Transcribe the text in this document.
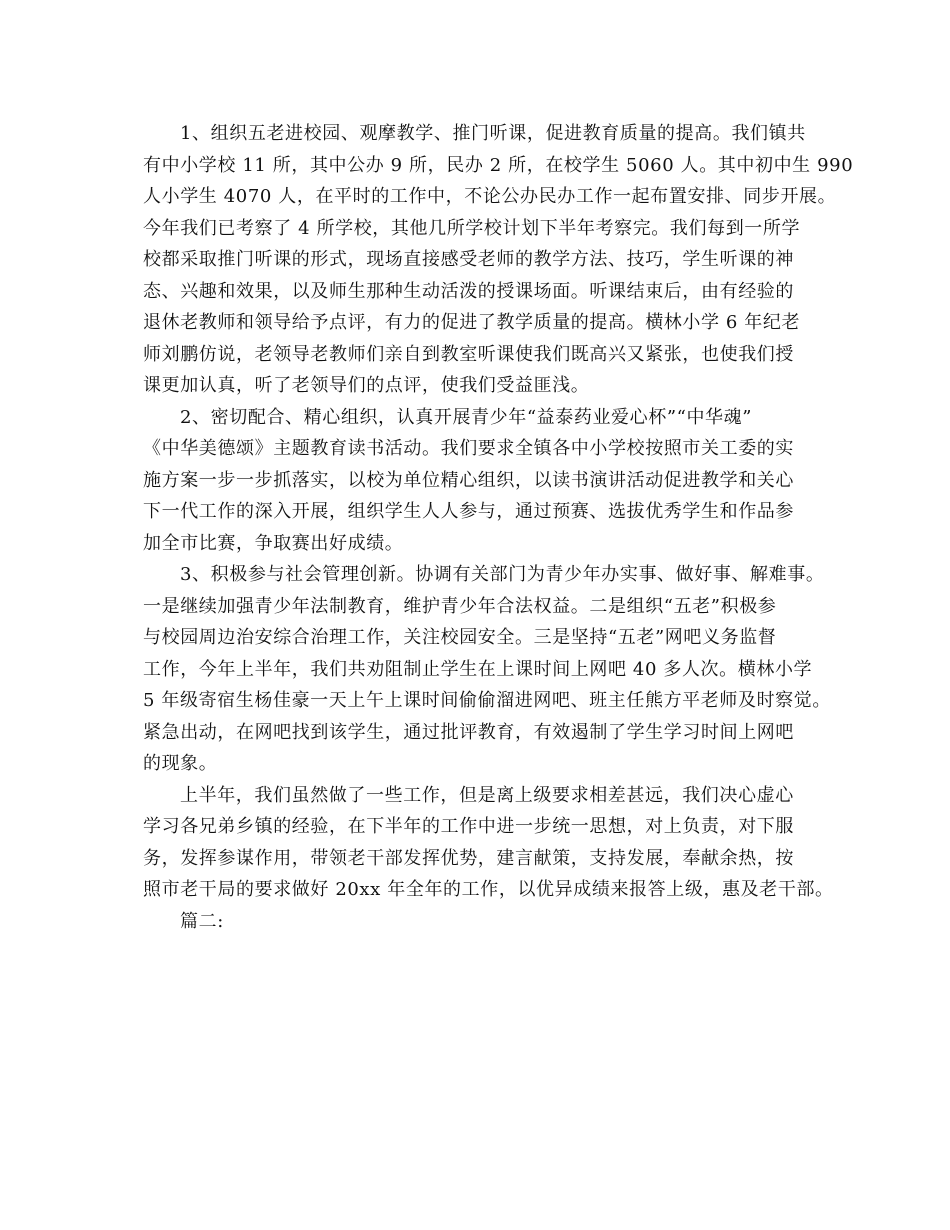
1、组织五老进校园、观摩教学、推门听课，促进教育质量的提高。我们镇共
有中小学校 11 所，其中公办 9 所，民办 2 所，在校学生 5060 人。其中初中生 990
人小学生 4070 人，在平时的工作中，不论公办民办工作一起布置安排、同步开展。
今年我们已考察了 4 所学校，其他几所学校计划下半年考察完。我们每到一所学
校都采取推门听课的形式，现场直接感受老师的教学方法、技巧，学生听课的神
态、兴趣和效果，以及师生那种生动活泼的授课场面。听课结束后，由有经验的
退休老教师和领导给予点评，有力的促进了教学质量的提高。横林小学 6 年纪老
师刘鹏仿说，老领导老教师们亲自到教室听课使我们既高兴又紧张，也使我们授
课更加认真，听了老领导们的点评，使我们受益匪浅。
2、密切配合、精心组织，认真开展青少年“益泰药业爱心杯”“中华魂”
《中华美德颂》主题教育读书活动。我们要求全镇各中小学校按照市关工委的实
施方案一步一步抓落实，以校为单位精心组织，以读书演讲活动促进教学和关心
下一代工作的深入开展，组织学生人人参与，通过预赛、选拔优秀学生和作品参
加全市比赛，争取赛出好成绩。
3、积极参与社会管理创新。协调有关部门为青少年办实事、做好事、解难事。
一是继续加强青少年法制教育，维护青少年合法权益。二是组织“五老”积极参
与校园周边治安综合治理工作，关注校园安全。三是坚持“五老”网吧义务监督
工作，今年上半年，我们共劝阻制止学生在上课时间上网吧 40 多人次。横林小学
5 年级寄宿生杨佳豪一天上午上课时间偷偷溜进网吧、班主任熊方平老师及时察觉。
紧急出动，在网吧找到该学生，通过批评教育，有效遏制了学生学习时间上网吧
的现象。
上半年，我们虽然做了一些工作，但是离上级要求相差甚远，我们决心虚心
学习各兄弟乡镇的经验，在下半年的工作中进一步统一思想，对上负责，对下服
务，发挥参谋作用，带领老干部发挥优势，建言献策，支持发展，奉献余热，按
照市老干局的要求做好 20xx 年全年的工作，以优异成绩来报答上级，惠及老干部。
篇二:
